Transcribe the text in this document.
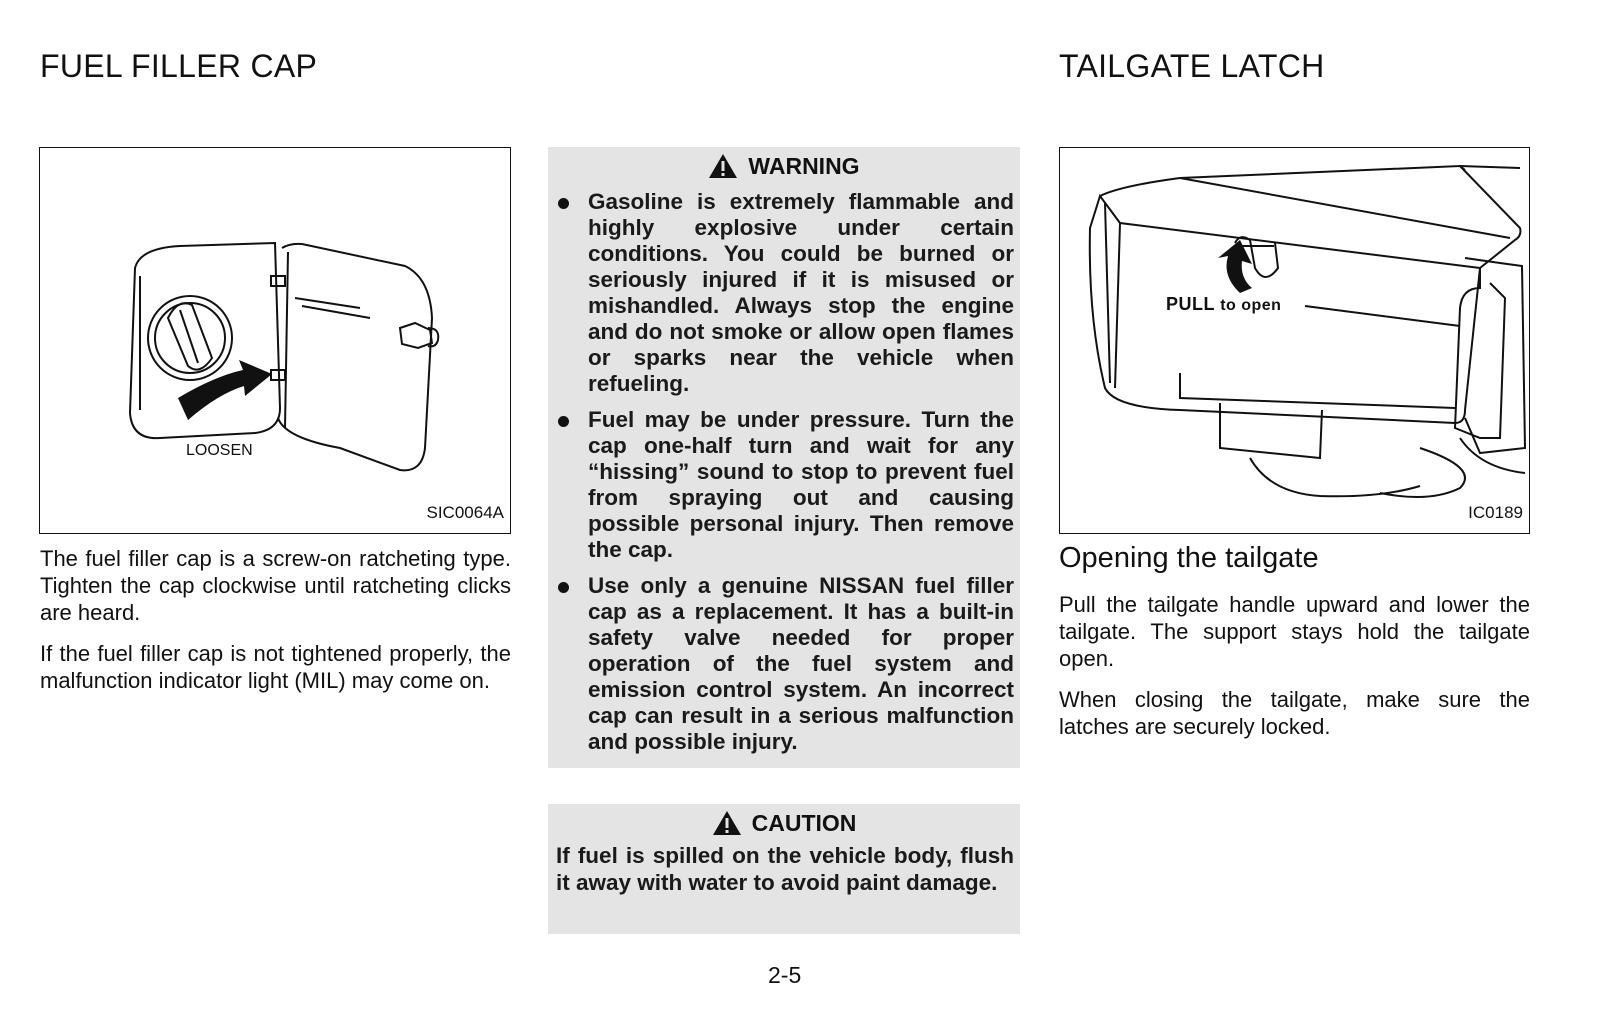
FUEL FILLER CAP
LOOSEN
SIC0064A

The fuel filler cap is a screw-on ratcheting type. Tighten the cap clockwise until ratcheting clicks are heard.

If the fuel filler cap is not tightened properly, the malfunction indicator light (MIL) may come on.

WARNING
Gasoline is extremely flammable and highly explosive under certain conditions. You could be burned or seriously injured if it is misused or mishandled. Always stop the engine and do not smoke or allow open flames or sparks near the vehicle when refueling.
Fuel may be under pressure. Turn the cap one-half turn and wait for any “hissing” sound to stop to prevent fuel from spraying out and causing possible personal injury. Then remove the cap.
Use only a genuine NISSAN fuel filler cap as a replacement. It has a built-in safety valve needed for proper operation of the fuel system and emission control system. An incorrect cap can result in a serious malfunction and possible injury.
CAUTION
If fuel is spilled on the vehicle body, flush it away with water to avoid paint damage.
TAILGATE LATCH
PULL to open
IC0189
Opening the tailgate

Pull the tailgate handle upward and lower the tailgate. The support stays hold the tailgate open.

When closing the tailgate, make sure the latches are securely locked.

2-5
